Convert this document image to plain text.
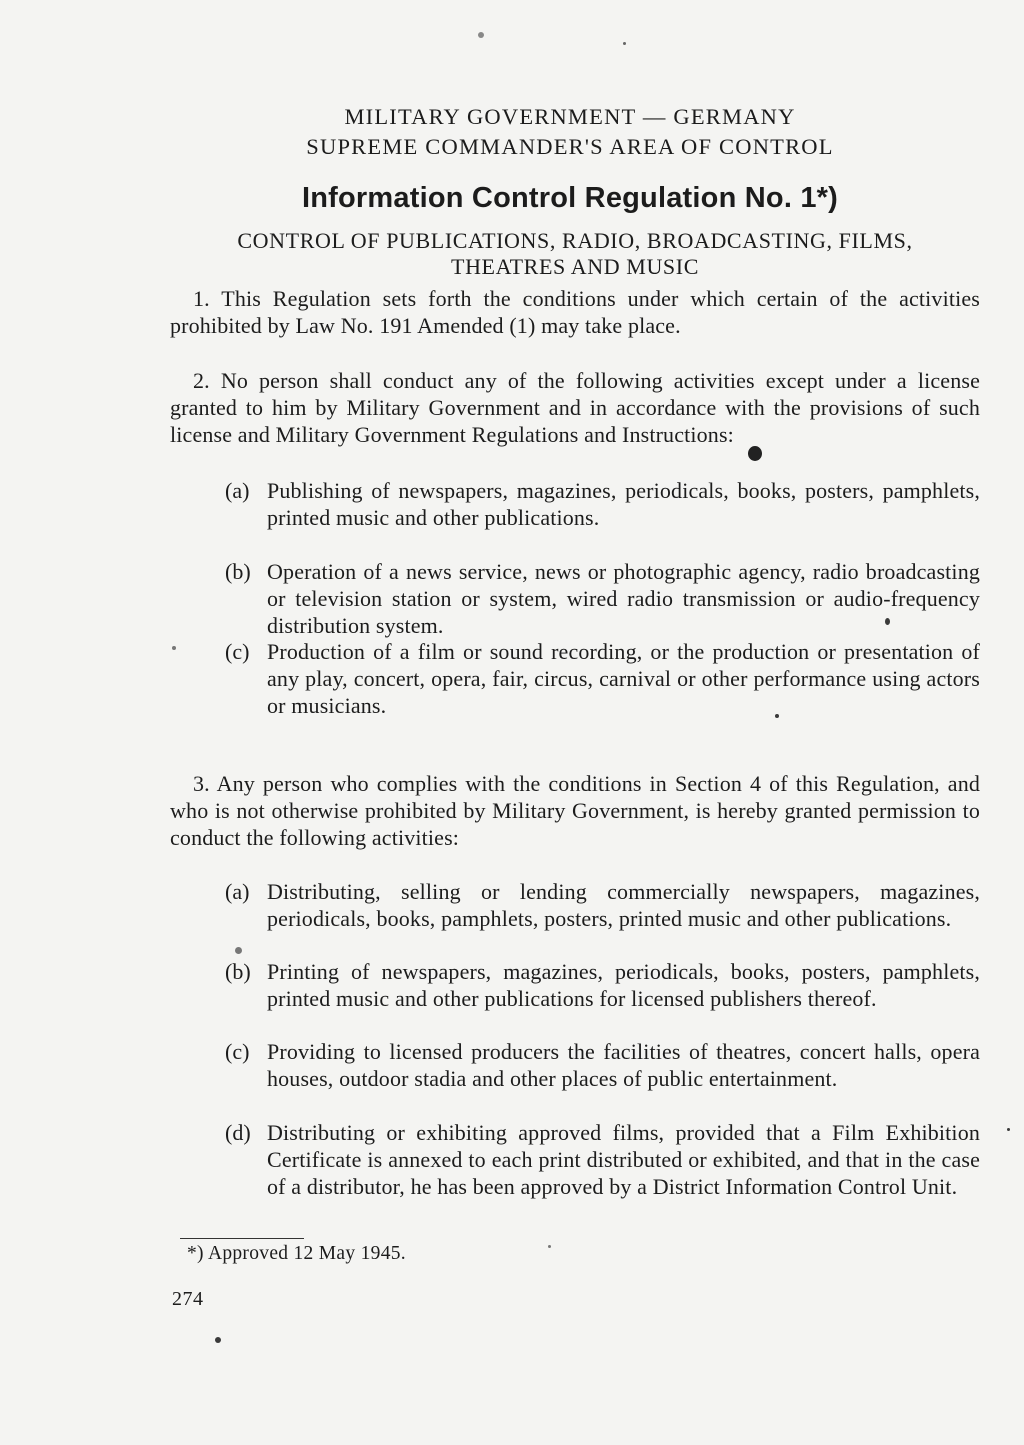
MILITARY GOVERNMENT — GERMANY
SUPREME COMMANDER'S AREA OF CONTROL
Information Control Regulation No. 1*)
CONTROL OF PUBLICATIONS, RADIO, BROADCASTING, FILMS,
THEATRES AND MUSIC
1. This Regulation sets forth the conditions under which certain of the activities prohibited by Law No. 191 Amended (1) may take place.
2. No person shall conduct any of the following activities except under a license granted to him by Military Government and in accordance with the provisions of such license and Military Government Regulations and Instructions:
(a) Publishing of newspapers, magazines, periodicals, books, posters, pamphlets, printed music and other publications.
(b) Operation of a news service, news or photographic agency, radio broadcasting or television station or system, wired radio transmission or audio-frequency distribution system.
(c) Production of a film or sound recording, or the production or presentation of any play, concert, opera, fair, circus, carnival or other performance using actors or musicians.
3. Any person who complies with the conditions in Section 4 of this Regulation, and who is not otherwise prohibited by Military Government, is hereby granted permission to conduct the following activities:
(a) Distributing, selling or lending commercially newspapers, magazines, periodicals, books, pamphlets, posters, printed music and other publications.
(b) Printing of newspapers, magazines, periodicals, books, posters, pamphlets, printed music and other publications for licensed publishers thereof.
(c) Providing to licensed producers the facilities of theatres, concert halls, opera houses, outdoor stadia and other places of public entertainment.
(d) Distributing or exhibiting approved films, provided that a Film Exhibition Certificate is annexed to each print distributed or exhibited, and that in the case of a distributor, he has been approved by a District Information Control Unit.
*) Approved 12 May 1945.
274
